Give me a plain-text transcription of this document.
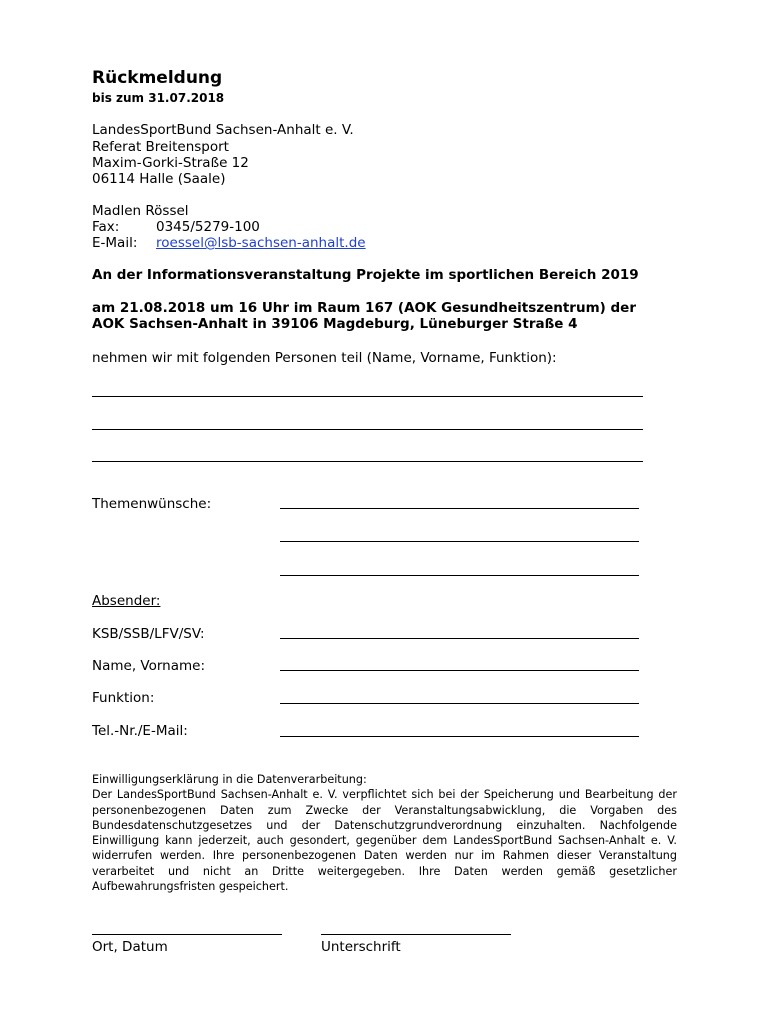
Rückmeldung
bis zum 31.07.2018
LandesSportBund Sachsen-Anhalt e. V.
Referat Breitensport
Maxim-Gorki-Straße 12
06114 Halle (Saale)
Madlen Rössel
Fax:	0345/5279-100
E-Mail: roessel@lsb-sachsen-anhalt.de
An der Informationsveranstaltung Projekte im sportlichen Bereich 2019
am 21.08.2018 um 16 Uhr im Raum 167 (AOK Gesundheitszentrum) der
AOK Sachsen-Anhalt in 39106 Magdeburg, Lüneburger Straße 4
nehmen wir mit folgenden Personen teil (Name, Vorname, Funktion):
Themenwünsche:
Absender:
KSB/SSB/LFV/SV:
Name, Vorname:
Funktion:
Tel.-Nr./E-Mail:
Einwilligungserklärung in die Datenverarbeitung:
Der LandesSportBund Sachsen-Anhalt e. V. verpflichtet sich bei der Speicherung und Bearbeitung der personenbezogenen Daten zum Zwecke der Veranstaltungsabwicklung, die Vorgaben des Bundesdatenschutzgesetzes und der Datenschutzgrundverordnung einzuhalten. Nachfolgende Einwilligung kann jederzeit, auch gesondert, gegenüber dem LandesSportBund Sachsen-Anhalt e. V. widerrufen werden. Ihre personenbezogenen Daten werden nur im Rahmen dieser Veranstaltung verarbeitet und nicht an Dritte weitergegeben. Ihre Daten werden gemäß gesetzlicher Aufbewahrungsfristen gespeichert.
Ort, Datum	Unterschrift
